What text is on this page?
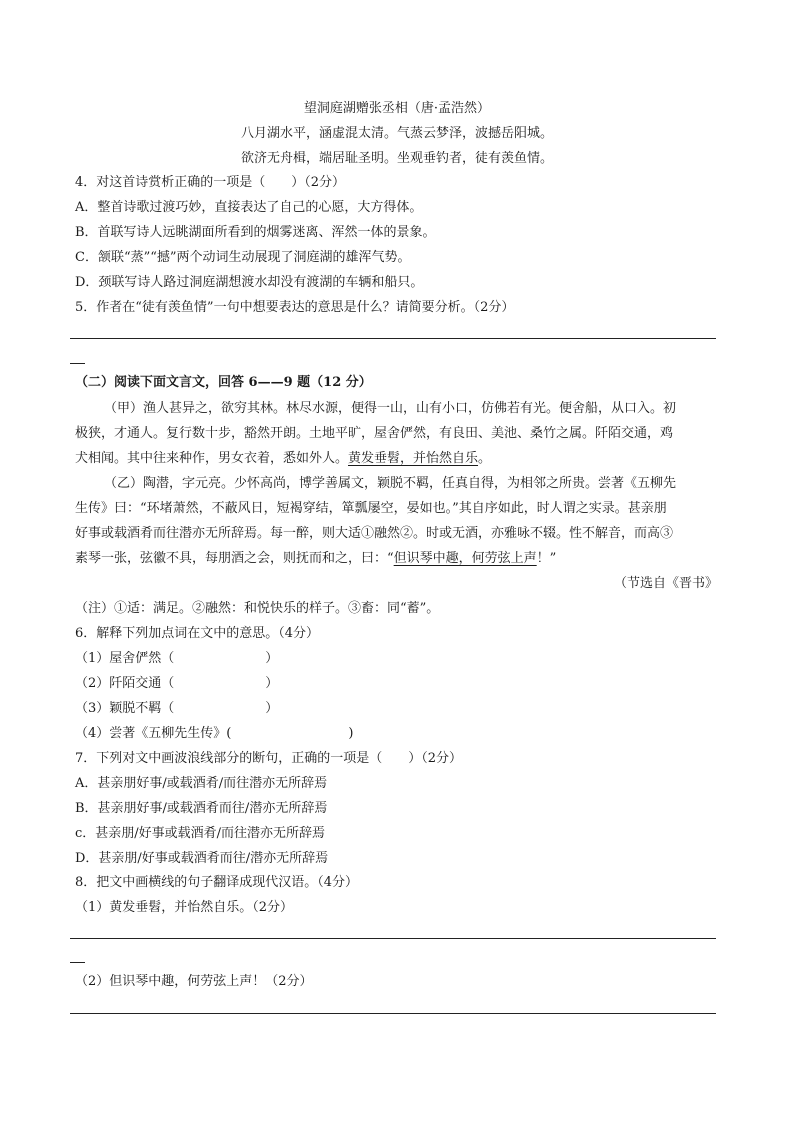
望洞庭湖赠张丞相（唐·孟浩然）
八月湖水平，涵虚混太清。气蒸云梦泽，波撼岳阳城。
欲济无舟楫，端居耻圣明。坐观垂钓者，徒有羡鱼情。
4．对这首诗赏析正确的一项是（　　）（2分）
A．整首诗歌过渡巧妙，直接表达了自己的心愿，大方得体。
B．首联写诗人远眺湖面所看到的烟雾迷离、浑然一体的景象。
C．颔联“蒸”“撼”两个动词生动展现了洞庭湖的雄浑气势。
D．颈联写诗人路过洞庭湖想渡水却没有渡湖的车辆和船只。
5．作者在“徒有羡鱼情”一句中想要表达的意思是什么？请简要分析。（2分）
（二）阅读下面文言文，回答 6——9 题（12 分）
（甲）渔人甚异之，欲穷其林。林尽水源，便得一山，山有小口，仿佛若有光。便舍船，从口入。初
极狭，才通人。复行数十步，豁然开朗。土地平旷，屋舍俨然，有良田、美池、桑竹之属。阡陌交通，鸡
犬相闻。其中往来种作，男女衣着，悉如外人。黄发垂髫，并怡然自乐。
（乙）陶潜，字元亮。少怀高尚，博学善属文，颖脱不羁，任真自得，为相邻之所贵。尝著《五柳先
生传》曰：“环堵萧然，不蔽风日，短褐穿结，箪瓢屡空，晏如也。”其自序如此，时人谓之实录。甚亲朋
好事或载酒肴而往潜亦无所辞焉。每一醉，则大适①融然②。时或无酒，亦雅咏不辍。性不解音，而高③
素琴一张，弦徽不具，每朋酒之会，则抚而和之，曰：“但识琴中趣，何劳弦上声！”
（节选自《晋书》
（注）①适：满足。②融然：和悦快乐的样子。③畜：同“蓄”。
6．解释下列加点词在文中的意思。（4分）
（1）屋舍俨然（　　　　　　　）
（2）阡陌交通（　　　　　　　）
（3）颖脱不羁（　　　　　　　）
（4）尝著《五柳先生传》(　　　　　　　　　)
7．下列对文中画波浪线部分的断句，正确的一项是（　　）（2分）
A．甚亲朋好事/或载酒肴/而往潜亦无所辞焉
B．甚亲朋好事/或载酒肴而往/潜亦无所辞焉
c．甚亲朋/好事或载酒肴/而往潜亦无所辞焉
D．甚亲朋/好事或载酒肴而往/潜亦无所辞焉
8．把文中画横线的句子翻译成现代汉语。（4分）
（1）黄发垂髫，并怡然自乐。（2分）
（2）但识琴中趣，何劳弦上声！（2分）
